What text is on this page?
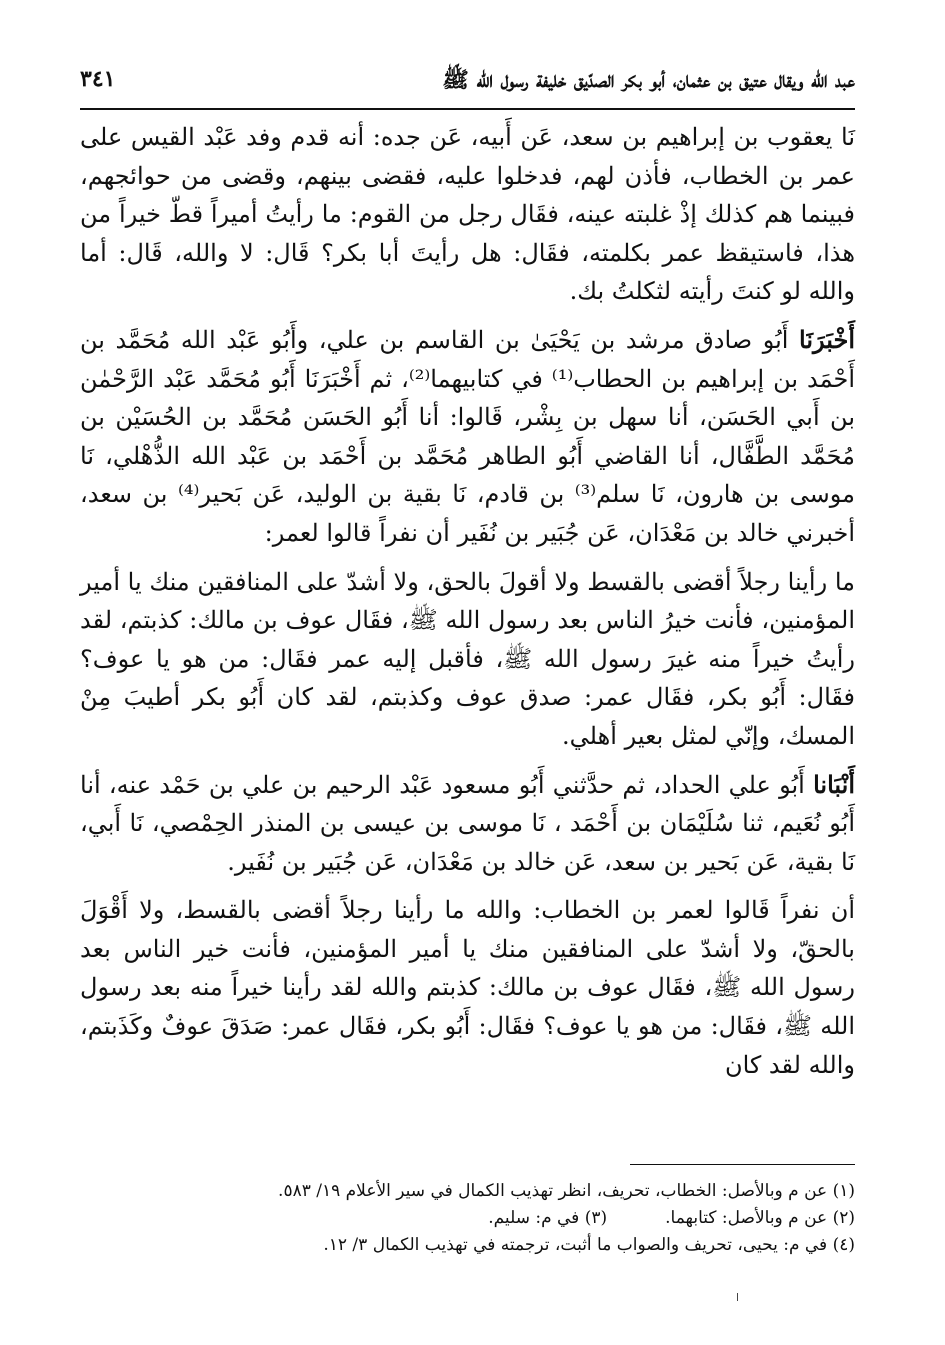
عبد الله ويقال عتيق بن عثمان، أبو بكر الصدّيق خليفة رسول الله ﷺ
٣٤١

نَا يعقوب بن إبراهيم بن سعد، عَن أَبيه، عَن جده: أنه قدم وفد عَبْد القيس على عمر بن الخطاب، فأذن لهم، فدخلوا عليه، فقضى بينهم، وقضى من حوائجهم، فبينما هم كذلك إذْ غلبته عينه، فقَال رجل من القوم: ما رأيتُ أميراً قطّ خيراً من هذا، فاستيقظ عمر بكلمته، فقَال: هل رأيتَ أبا بكر؟ قَال: لا والله، قَال: أما والله لو كنتَ رأيته لثكلتُ بك.

أَخْبَرَنَا أَبُو صادق مرشد بن يَحْيَىٰ بن القاسم بن علي، وأَبُو عَبْد الله مُحَمَّد بن أَحْمَد بن إبراهيم بن الحطاب⁽¹⁾ في كتابيهما⁽²⁾، ثم أَخْبَرَنَا أَبُو مُحَمَّد عَبْد الرَّحْمٰن بن أَبي الحَسَن، أنا سهل بن بِشْر، قَالوا: أنا أَبُو الحَسَن مُحَمَّد بن الحُسَيْن بن مُحَمَّد الطَّفَّال، أنا القاضي أَبُو الطاهر مُحَمَّد بن أَحْمَد بن عَبْد الله الذُّهْلي، نَا موسى بن هارون، نَا سلم⁽³⁾ بن قادم، نَا بقية بن الوليد، عَن بَحير⁽⁴⁾ بن سعد، أخبرني خالد بن مَعْدَان، عَن جُبَير بن نُفَير أن نفراً قالوا لعمر:

ما رأينا رجلاً أقضى بالقسط ولا أقولَ بالحق، ولا أشدّ على المنافقين منك يا أمير المؤمنين، فأنت خيرُ الناس بعد رسول الله ﷺ، فقَال عوف بن مالك: كذبتم، لقد رأيتُ خيراً منه غيرَ رسول الله ﷺ، فأقبل إليه عمر فقَال: من هو يا عوف؟ فقَال: أَبُو بكر، فقَال عمر: صدق عوف وكذبتم، لقد كان أَبُو بكر أطيبَ مِنْ المسك، وإنّي لمثل بعير أهلي.

أَنْبَانا أَبُو علي الحداد، ثم حدَّثني أَبُو مسعود عَبْد الرحيم بن علي بن حَمْد عنه، أنا أَبُو نُعَيم، ثنا سُلَيْمَان بن أَحْمَد ، نَا موسى بن عيسى بن المنذر الحِمْصي، نَا أَبي، نَا بقية، عَن بَحير بن سعد، عَن خالد بن مَعْدَان، عَن جُبَير بن نُفَير.

أن نفراً قَالوا لعمر بن الخطاب: والله ما رأينا رجلاً أقضى بالقسط، ولا أَقْوَلَ بالحقّ، ولا أشدّ على المنافقين منك يا أمير المؤمنين، فأنت خير الناس بعد رسول الله ﷺ، فقَال عوف بن مالك: كذبتم والله لقد رأينا خيراً منه بعد رسول الله ﷺ، فقَال: من هو يا عوف؟ فقَال: أَبُو بكر، فقَال عمر: صَدَقَ عوفٌ وكَذَبتم، والله لقد كان

(١) عن م وبالأصل: الخطاب، تحريف، انظر تهذيب الكمال في سير الأعلام ١٩/ ٥٨٣.
(٢) عن م وبالأصل: كتابهما.(٣) في م: سليم.
(٤) في م: يحيى، تحريف والصواب ما أثبت، ترجمته في تهذيب الكمال ٣/ ١٢.
